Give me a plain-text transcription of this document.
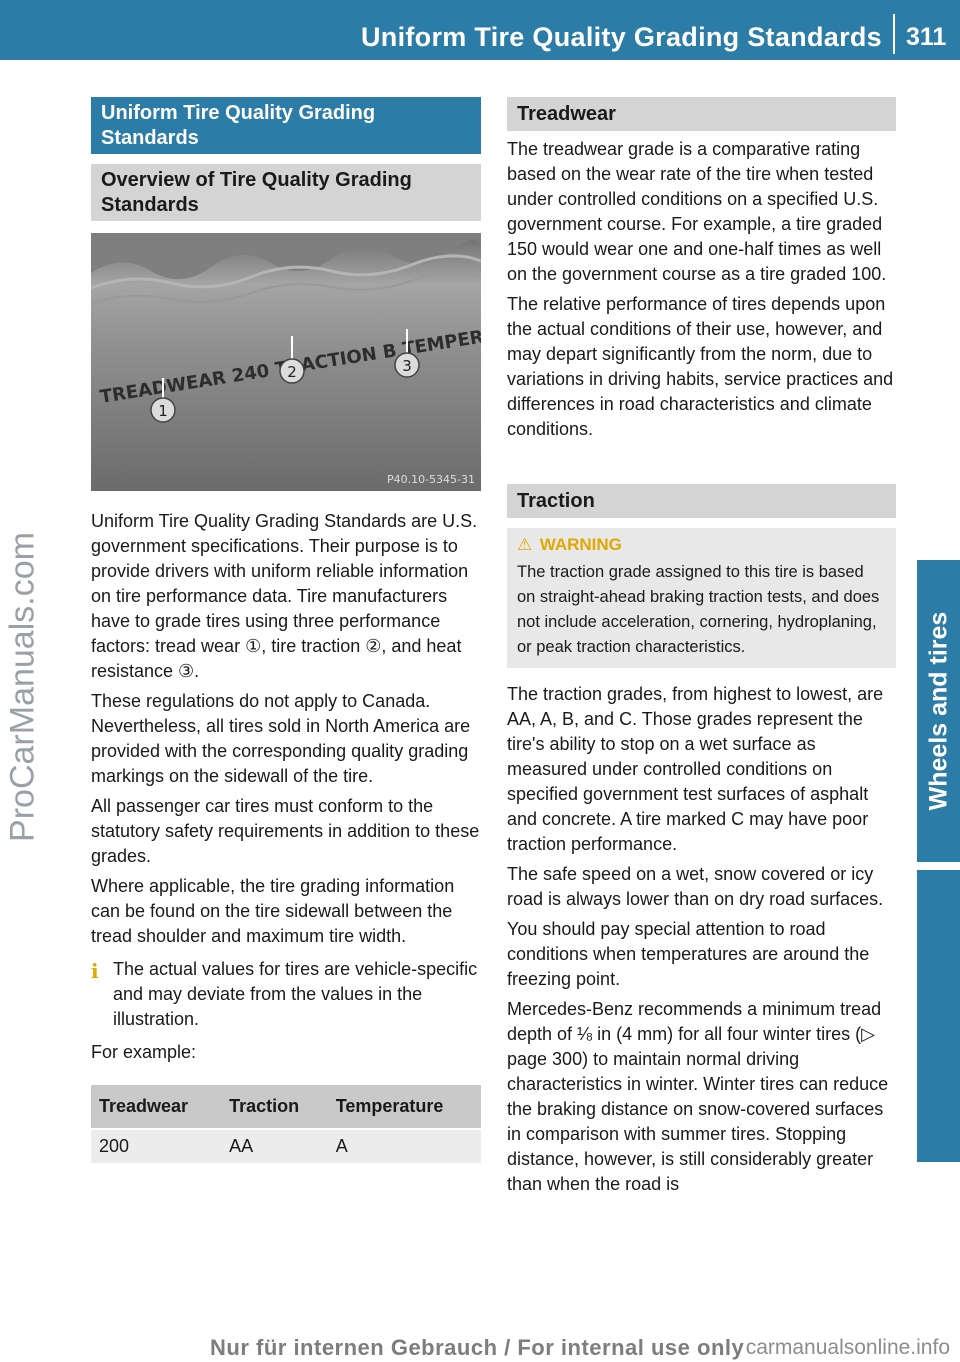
Uniform Tire Quality Grading Standards 311
Wheels and tires
ProCarManuals.com
Uniform Tire Quality Grading Standards
Overview of Tire Quality Grading Standards
TREADWEAR 240 TRACTION B TEMPERATURE
1
2	3
P40.10-5345-31

Uniform Tire Quality Grading Standards are U.S. government specifications. Their purpose is to provide drivers with uniform reliable information on tire performance data. Tire manufacturers have to grade tires using three performance factors: tread wear ①, tire traction ②, and heat resistance ③.

These regulations do not apply to Canada. Nevertheless, all tires sold in North America are provided with the corresponding quality grading markings on the sidewall of the tire.

All passenger car tires must conform to the statutory safety requirements in addition to these grades.

Where applicable, the tire grading information can be found on the tire sidewall between the tread shoulder and maximum tire width.

i The actual values for tires are vehicle-specific and may deviate from the values in the illustration.

For example:

Treadwear	Traction	Temperature
200	AA	A
Treadwear

The treadwear grade is a comparative rating based on the wear rate of the tire when tested under controlled conditions on a specified U.S. government course. For example, a tire graded 150 would wear one and one-half times as well on the government course as a tire graded 100.

The relative performance of tires depends upon the actual conditions of their use, however, and may depart significantly from the norm, due to variations in driving habits, service practices and differences in road characteristics and climate conditions.

Traction
⚠ WARNING
The traction grade assigned to this tire is based on straight-ahead braking traction tests, and does not include acceleration, cornering, hydroplaning, or peak traction characteristics.

The traction grades, from highest to lowest, are AA, A, B, and C. Those grades represent the tire's ability to stop on a wet surface as measured under controlled conditions on specified government test surfaces of asphalt and concrete. A tire marked C may have poor traction performance.

The safe speed on a wet, snow covered or icy road is always lower than on dry road surfaces.

You should pay special attention to road conditions when temperatures are around the freezing point.

Mercedes-Benz recommends a minimum tread depth of ⅛ in (4 mm) for all four winter tires (▷ page 300) to maintain normal driving characteristics in winter. Winter tires can reduce the braking distance on snow-covered surfaces in comparison with summer tires. Stopping distance, however, is still considerably greater than when the road is

Nur für internen Gebrauch / For internal use only carmanualsonline.info
